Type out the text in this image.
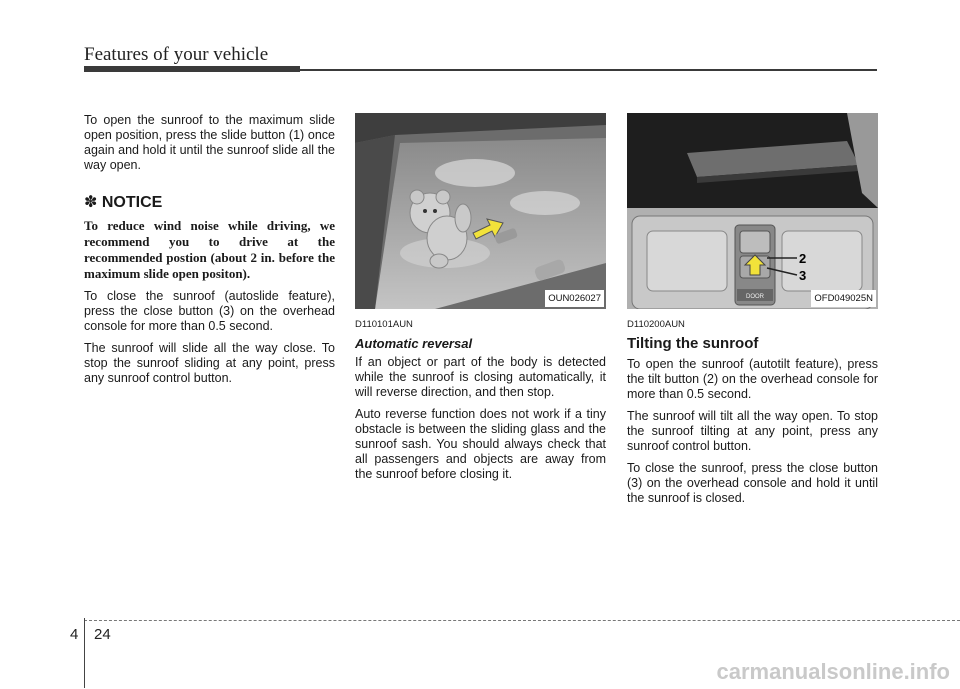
Features of your vehicle

To open the sunroof to the maximum slide open position, press the slide button (1) once again and hold it until the sunroof slide all the way open.

✽ NOTICE

To reduce wind noise while driving, we recommend you to drive at the recommended postion (about 2 in. before the maximum slide open positon).

To close the sunroof (autoslide feature), press the close button (3) on the overhead console for more than 0.5 second.

The sunroof will slide all the way close. To stop the sunroof sliding at any point, press any sunroof control button.

OUN026027
D110101AUN
Automatic reversal

If an object or part of the body is detected while the sunroof is closing automatically, it will reverse direction, and then stop.

Auto reverse function does not work if a tiny obstacle is between the sliding glass and the sunroof sash. You should always check that all passengers and objects are away from the sunroof before closing it.

DOOR
2
3
OFD049025N
D110200AUN
Tilting the sunroof

To open the sunroof (autotilt feature), press the tilt button (2) on the overhead console for more than 0.5 second.

The sunroof will tilt all the way open. To stop the sunroof tilting at any point, press any sunroof control button.

To close the sunroof, press the close button (3) on the overhead console and hold it until the sunroof is closed.

4 24
carmanualsonline.info
